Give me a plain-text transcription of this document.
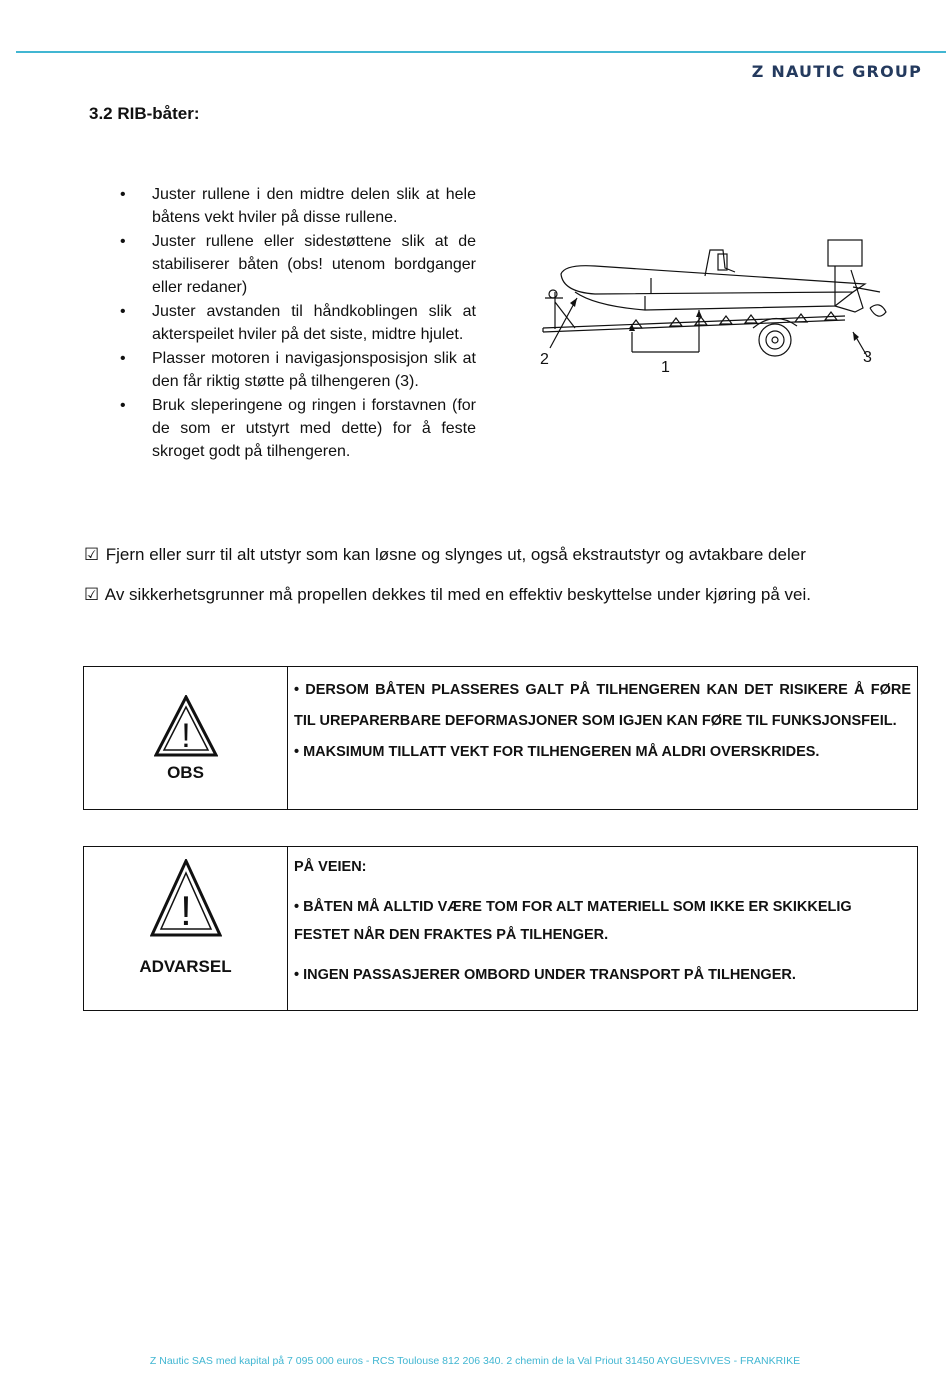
Z NAUTIC GROUP
3.2 RIB-båter:
• Juster rullene i den midtre delen slik at hele båtens vekt hviler på disse rullene.
• Juster rullene eller sidestøttene slik at de stabiliserer båten (obs! utenom bordganger eller redaner)
• Juster avstanden til håndkoblingen slik at akterspeilet hviler på det siste, midtre hjulet.
• Plasser motoren i navigasjonsposisjon slik at den får riktig støtte på tilhengeren (3).
• Bruk sleperingene og ringen i forstavnen (for de som er utstyrt med dette) for å feste skroget godt på tilhengeren.
2	1
3
☑ Fjern eller surr til alt utstyr som kan løsne og slynges ut, også ekstrautstyr og avtakbare deler
☑ Av sikkerhetsgrunner må propellen dekkes til med en effektiv beskyttelse under kjøring på vei.
!
OBS

• DERSOM BÅTEN PLASSERES GALT PÅ TILHENGEREN KAN DET RISIKERE Å FØRE TIL UREPARERBARE DEFORMASJONER SOM IGJEN KAN FØRE TIL FUNKSJONSFEIL.

• MAKSIMUM TILLATT VEKT FOR TILHENGEREN MÅ ALDRI OVERSKRIDES.

!
ADVARSEL
PÅ VEIEN:
• BÅTEN MÅ ALLTID VÆRE TOM FOR ALT MATERIELL SOM IKKE ER SKIKKELIG FESTET NÅR DEN FRAKTES PÅ TILHENGER.
• INGEN PASSASJERER OMBORD UNDER TRANSPORT PÅ TILHENGER.
Z Nautic SAS med kapital på 7 095 000 euros - RCS Toulouse 812 206 340. 2 chemin de la Val Priout 31450 AYGUESVIVES - FRANKRIKE
